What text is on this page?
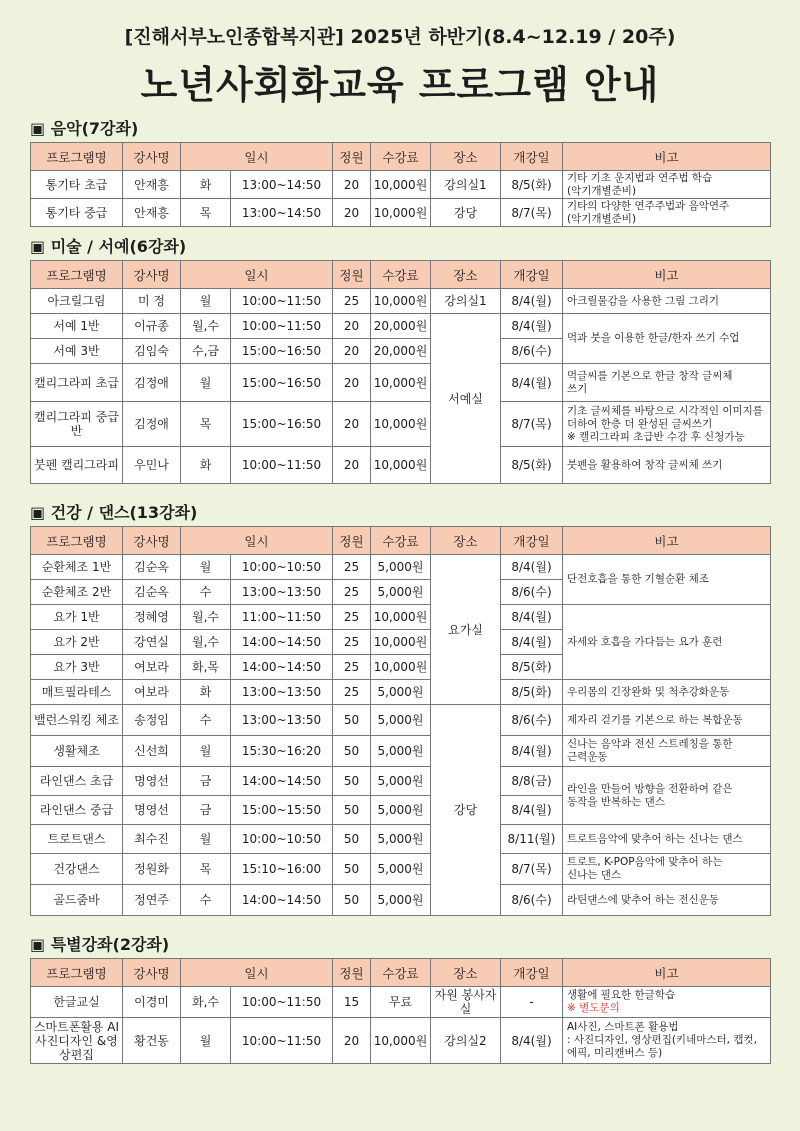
[진해서부노인종합복지관] 2025년 하반기(8.4~12.19 / 20주)
노년사회화교육 프로그램 안내
▣ 음악(7강좌)
프로그램명	강사명	일시		정원	수강료	장소	개강일	비고
통기타 초급	안재흥	화	13:00~14:50	20	10,000원	강의실1	8/5(화)	기타 기초 운지법과 연주법 학습
(악기개별준비)

통기타 중급	안재흥	목	13:00~14:50	20	10,000원	강당	8/7(목)	기타의 다양한 연주주법과 음악연주
(악기개별준비)
▣ 미술 / 서예(6강좌)
프로그램명	강사명	일시		정원	수강료	장소	개강일	비고
아크릴그림	미 정	월	10:00~11:50	25	10,000원	강의실1	8/4(월)	아크릴물감을 사용한 그림 그리기

서예 1반	이규종	월,수	10:00~11:50	20	20,000원	서예실	8/4(월)	먹과 붓을 이용한 한글/한자 쓰기 수업

서예 3반	김임숙	수,금	15:00~16:50	20	20,000원		8/6(수)	
캘리그라피 초급	김정애	월	15:00~16:50	20	10,000원		8/4(월)	먹글씨를 기본으로 한글 창작 글씨체
쓰기

캘리그라피 중급반	김정애	목	15:00~16:50	20	10,000원		8/7(목)	기초 글씨체를 바탕으로 시각적인 이미지를
더하여 한층 더 완성된 글씨쓰기
※ 캘리그라피 초급반 수강 후 신청가능

붓펜 캘리그라피	우민나	화	10:00~11:50	20	10,000원		8/5(화)	붓펜을 활용하여 창작 글씨체 쓰기
▣ 건강 / 댄스(13강좌)
프로그램명	강사명	일시		정원	수강료	장소	개강일	비고
순환체조 1반	김순옥	월	10:00~10:50	25	5,000원	요가실	8/4(월)	단전호흡을 통한 기혈순환 체조

순환체조 2반	김순옥	수	13:00~13:50	25	5,000원		8/6(수)	
요가 1반	정혜영	월,수	11:00~11:50	25	10,000원		8/4(월)	자세와 호흡을 가다듬는 요가 훈련

요가 2반	강연실	월,수	14:00~14:50	25	10,000원		8/4(월)	
요가 3반	여보라	화,목	14:00~14:50	25	10,000원		8/5(화)	
매트필라테스	여보라	화	13:00~13:50	25	5,000원		8/5(화)	우리몸의 긴장완화 및 척추강화운동

밸런스워킹 체조	송정임	수	13:00~13:50	50	5,000원	강당	8/6(수)	제자리 걷기를 기본으로 하는 복합운동

생활체조	신선희	월	15:30~16:20	50	5,000원		8/4(월)	신나는 음악과 전신 스트레칭을 통한
근력운동

라인댄스 초급	명영선	금	14:00~14:50	50	5,000원		8/8(금)	라인을 만들어 방향을 전환하여 같은
동작을 반복하는 댄스

라인댄스 중급	명영선	금	15:00~15:50	50	5,000원		8/4(월)	
트로트댄스	최수진	월	10:00~10:50	50	5,000원		8/11(월)	트로트음악에 맞추어 하는 신나는 댄스

건강댄스	정원화	목	15:10~16:00	50	5,000원		8/7(목)	트로트, K-POP음악에 맞추어 하는
신나는 댄스

골드줌바	정연주	수	14:00~14:50	50	5,000원		8/6(수)	라틴댄스에 맞추어 하는 전신운동
▣ 특별강좌(2강좌)
프로그램명	강사명	일시		정원	수강료	장소	개강일	비고
한글교실	이경미	화,수	10:00~11:50	15	무료	자원 봉사자실	-	생활에 필요한 한글학습
※ 별도문의

스마트폰활용 AI 사진디자인 &영상편집	황건동	월	10:00~11:50	20	10,000원	강의실2	8/4(월)	AI사진, 스마트폰 활용법
: 사진디자인, 영상편집(키네마스터, 캡컷,
에픽, 미리캔버스 등)
